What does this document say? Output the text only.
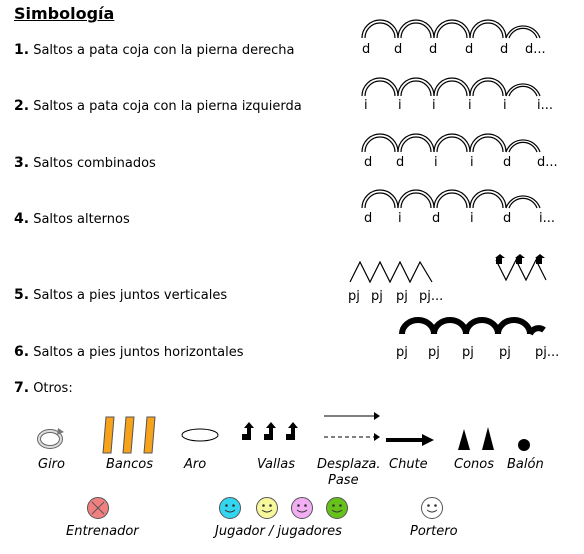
Simbología
1. Saltos a pata coja con la pierna derecha	d d d d d d...
2. Saltos a pata coja con la pierna izquierda	i i i i i i...
3. Saltos combinados	d d i i d d...
4. Saltos alternos	d i d i d i...
5. Saltos a pies juntos verticales	pj pj pj pj...
6. Saltos a pies juntos horizontales	pj pj pj pj pj...
7. Otros:
Giro	Bancos Aro	Vallas Desplaza.
Pase
Chute Conos Balón
Entrenador	Jugador / jugadores	Portero
